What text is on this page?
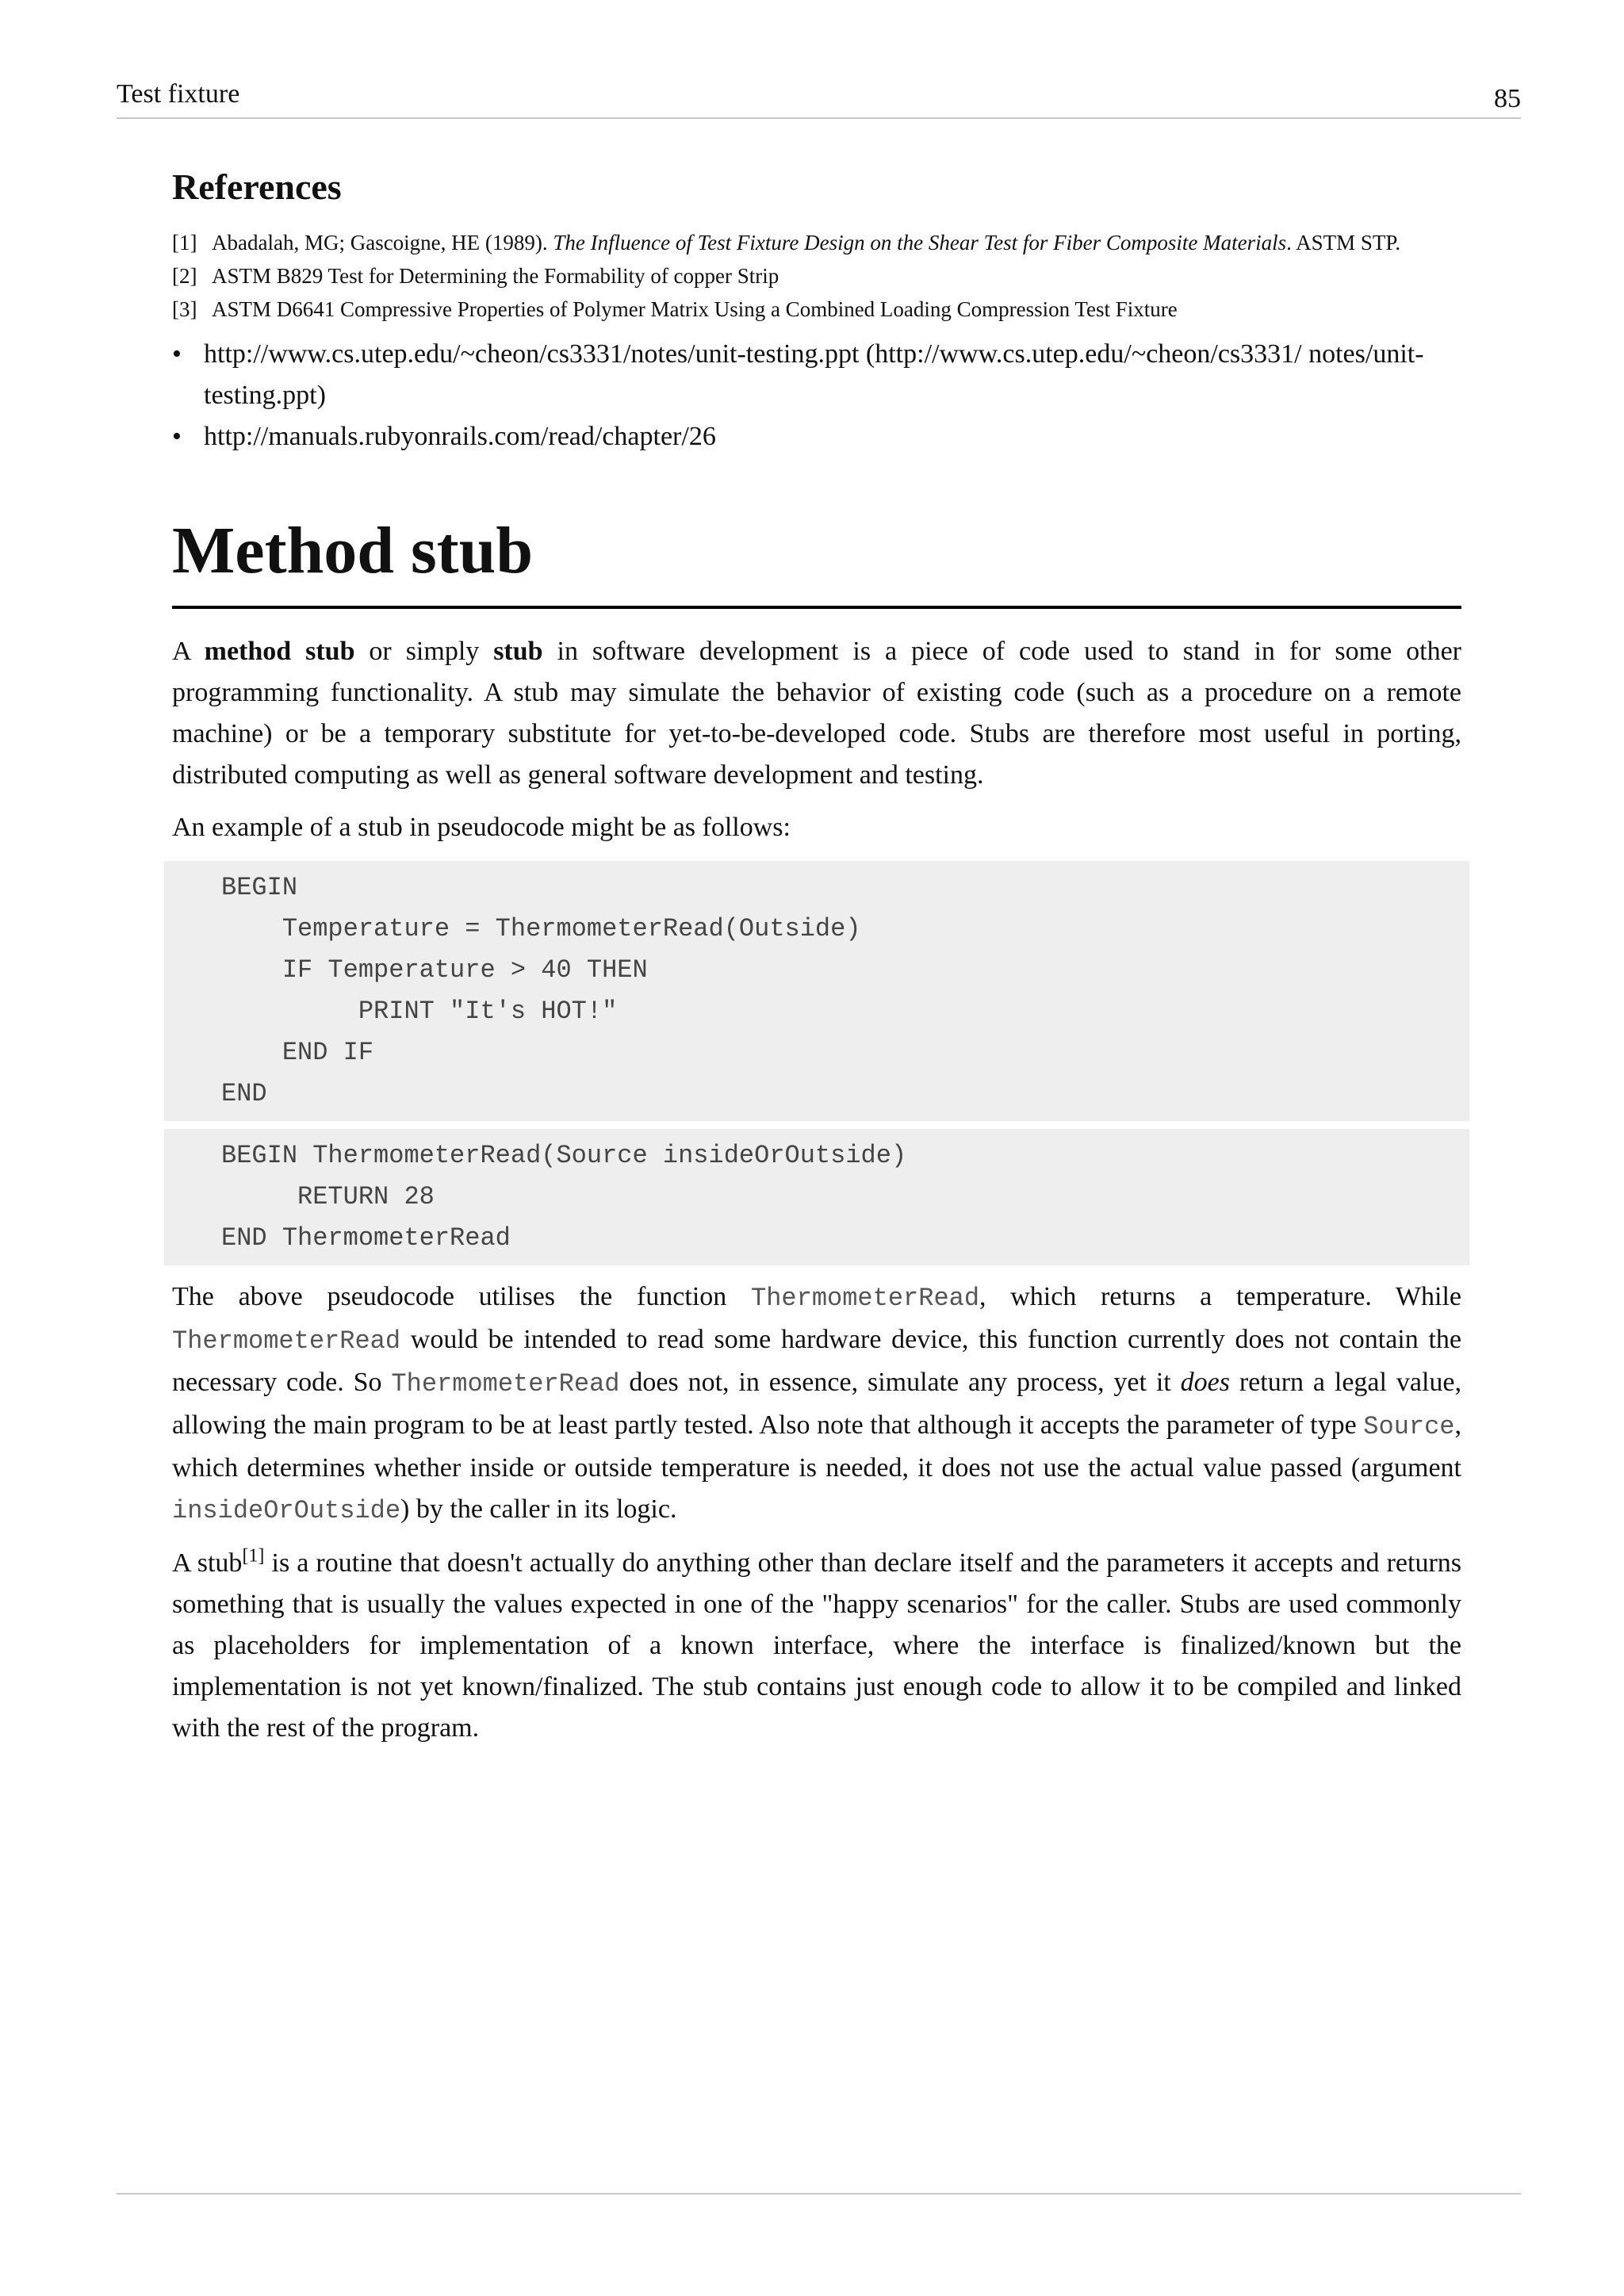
Test fixture	85
References
[1] Abadalah, MG; Gascoigne, HE (1989). The Influence of Test Fixture Design on the Shear Test for Fiber Composite Materials. ASTM STP.
[2] ASTM B829 Test for Determining the Formability of copper Strip
[3] ASTM D6641 Compressive Properties of Polymer Matrix Using a Combined Loading Compression Test Fixture
• http://www.cs.utep.edu/~cheon/cs3331/notes/unit-testing.ppt (http://www.cs.utep.edu/~cheon/cs3331/ notes/unit-testing.ppt)
• http://manuals.rubyonrails.com/read/chapter/26
Method stub

A method stub or simply stub in software development is a piece of code used to stand in for some other programming functionality. A stub may simulate the behavior of existing code (such as a procedure on a remote machine) or be a temporary substitute for yet-to-be-developed code. Stubs are therefore most useful in porting, distributed computing as well as general software development and testing.

An example of a stub in pseudocode might be as follows:

BEGIN
Temperature = ThermometerRead(Outside)
IF Temperature > 40 THEN
PRINT "It's HOT!"
END IF
END
BEGIN ThermometerRead(Source insideOrOutside)
RETURN 28
END ThermometerRead

The above pseudocode utilises the function ThermometerRead, which returns a temperature. While ThermometerRead would be intended to read some hardware device, this function currently does not contain the necessary code. So ThermometerRead does not, in essence, simulate any process, yet it does return a legal value, allowing the main program to be at least partly tested. Also note that although it accepts the parameter of type Source, which determines whether inside or outside temperature is needed, it does not use the actual value passed (argument insideOrOutside) by the caller in its logic.

A stub[1] is a routine that doesn't actually do anything other than declare itself and the parameters it accepts and returns something that is usually the values expected in one of the "happy scenarios" for the caller. Stubs are used commonly as placeholders for implementation of a known interface, where the interface is finalized/known but the implementation is not yet known/finalized. The stub contains just enough code to allow it to be compiled and linked with the rest of the program.
